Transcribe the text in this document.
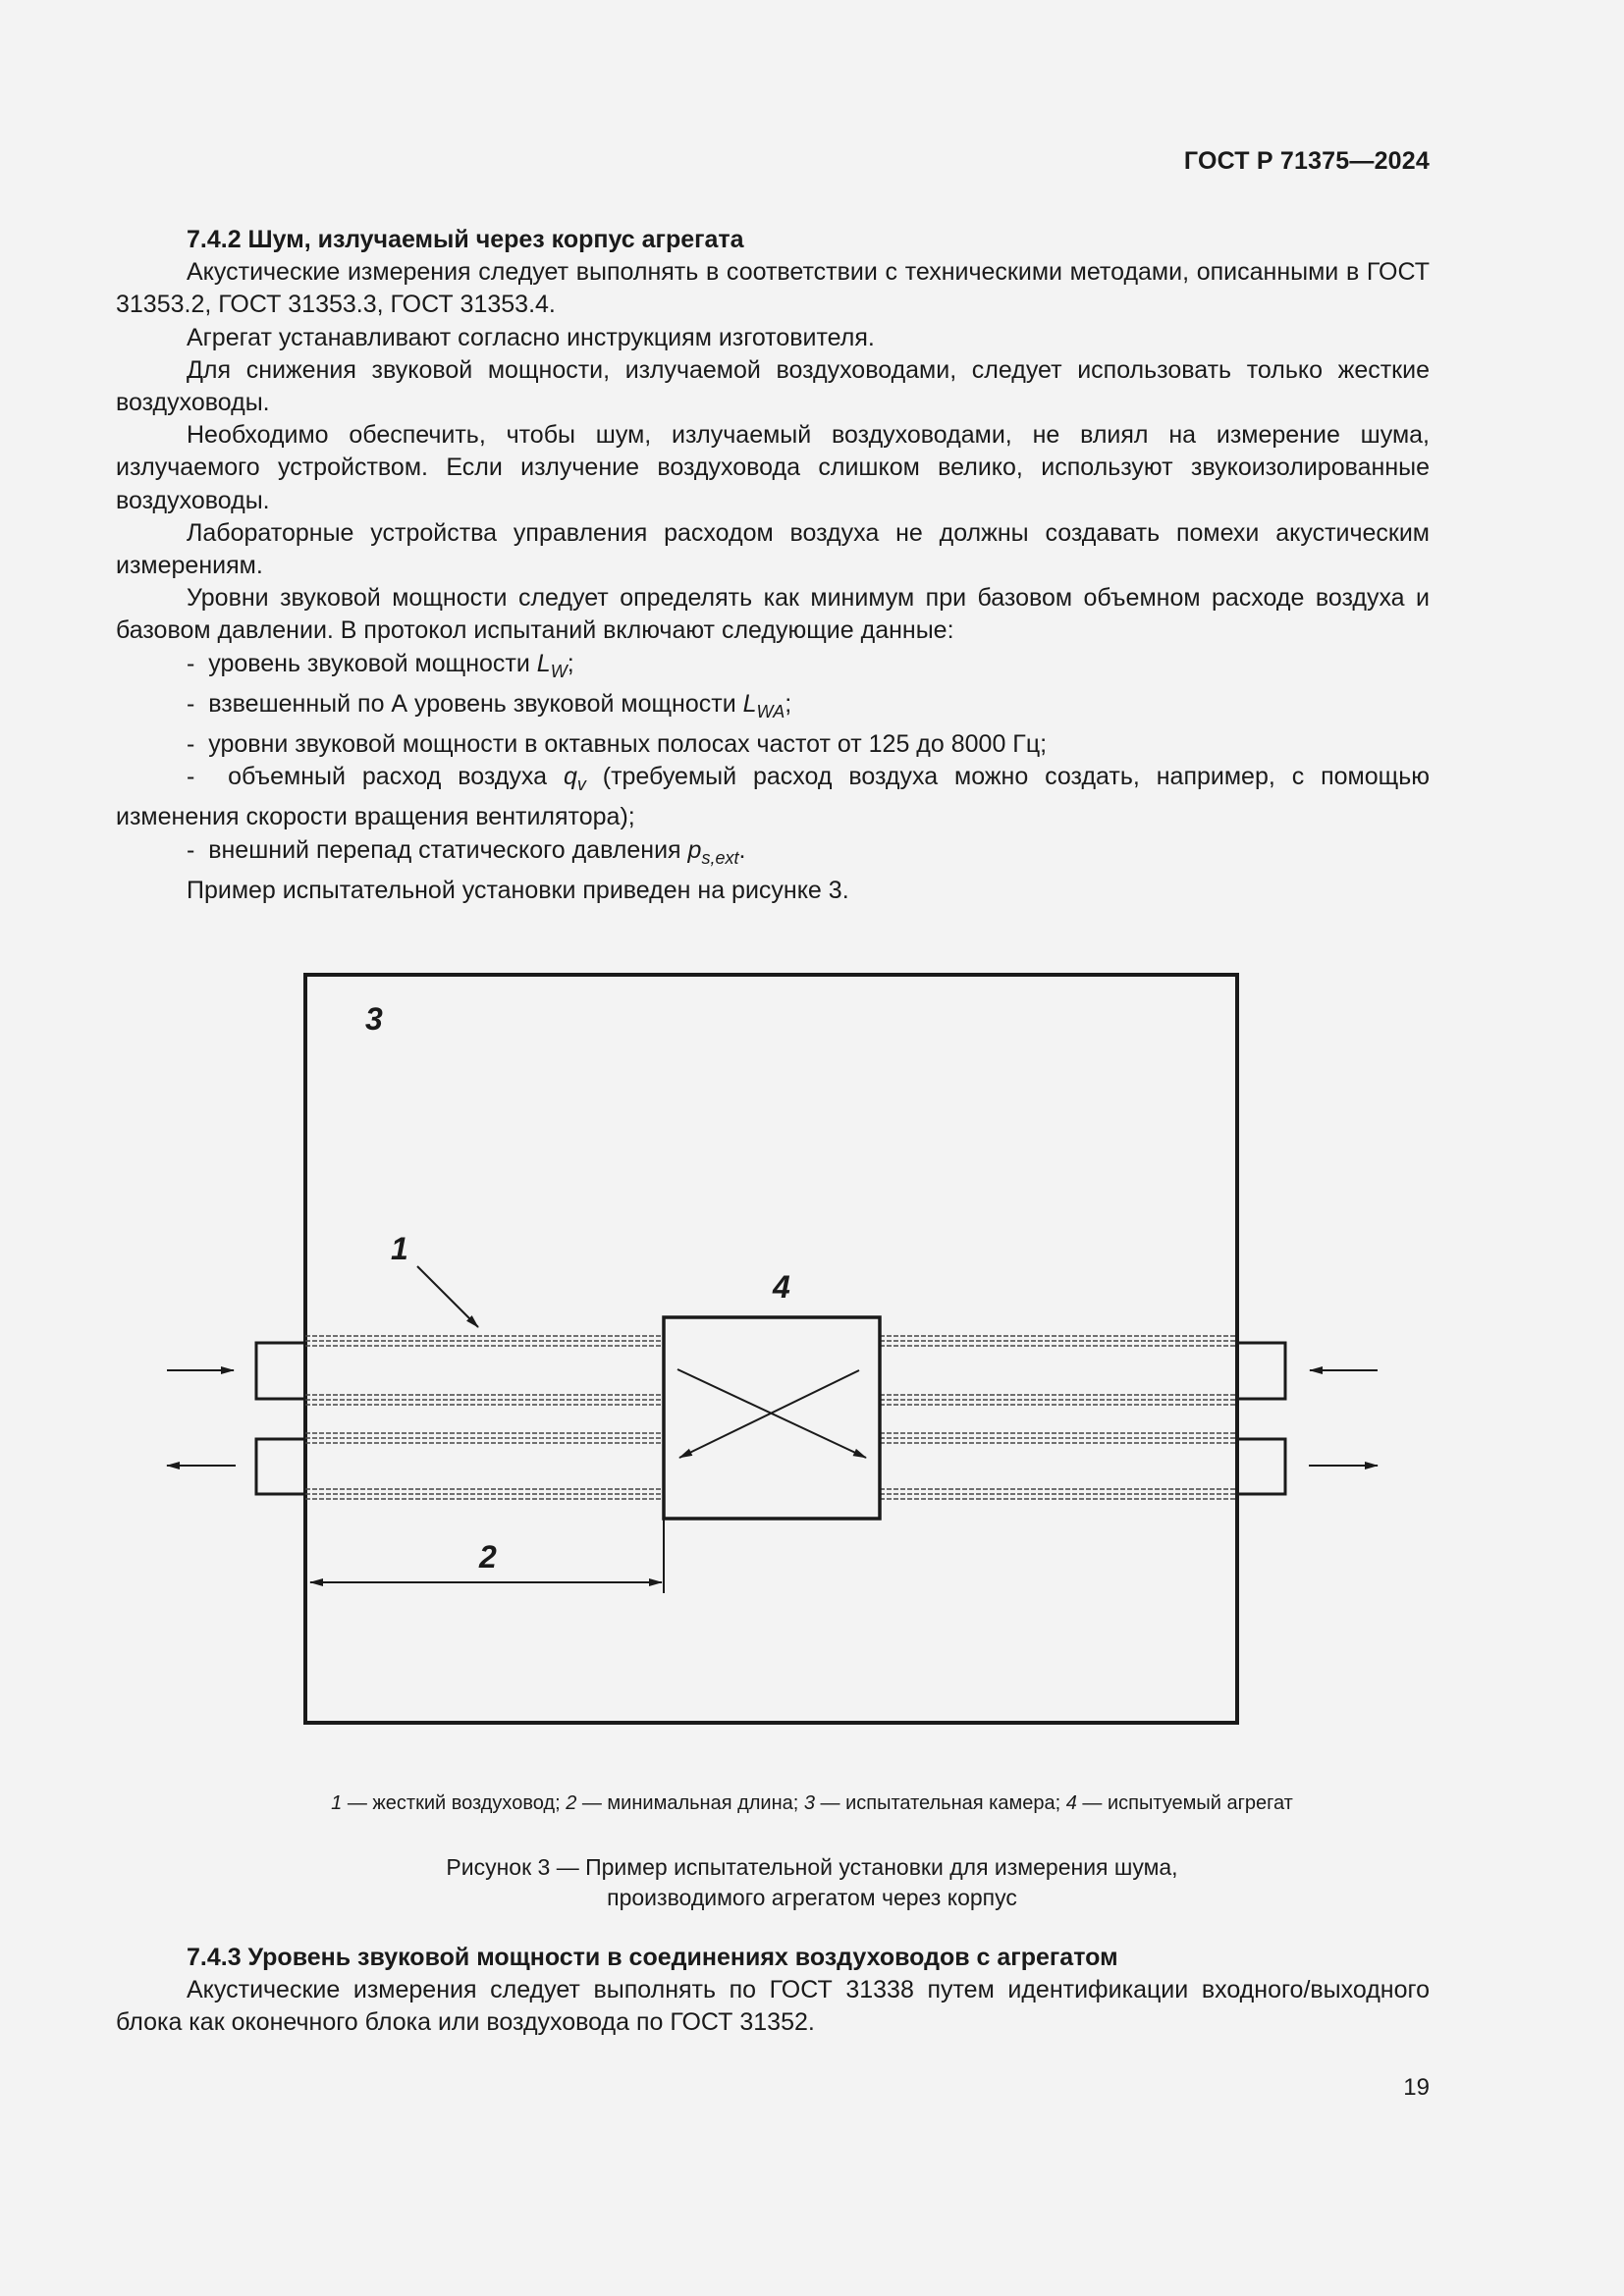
ГОСТ Р 71375—2024

7.4.2 Шум, излучаемый через корпус агрегата

Акустические измерения следует выполнять в соответствии с техническими методами, описанными в ГОСТ 31353.2, ГОСТ 31353.3, ГОСТ 31353.4.

Агрегат устанавливают согласно инструкциям изготовителя.

Для снижения звуковой мощности, излучаемой воздуховодами, следует использовать только жесткие воздуховоды.

Необходимо обеспечить, чтобы шум, излучаемый воздуховодами, не влиял на измерение шума, излучаемого устройством. Если излучение воздуховода слишком велико, используют звукоизолированные воздуховоды.

Лабораторные устройства управления расходом воздуха не должны создавать помехи акустическим измерениям.

Уровни звуковой мощности следует определять как минимум при базовом объемном расходе воздуха и базовом давлении. В протокол испытаний включают следующие данные:

-  уровень звуковой мощности $L_W$;

-  взвешенный по А уровень звуковой мощности $L_{WA}$;

-  уровни звуковой мощности в октавных полосах частот от 125 до 8000 Гц;

-  объемный расход воздуха $q_v$ (требуемый расход воздуха можно создать, например, с помощью изменения скорости вращения вентилятора);

-  внешний перепад статического давления $p_{s,ext}$.

Пример испытательной установки приведен на рисунке 3.

3
1
4
2
1 — жесткий воздуховод; 2 — минимальная длина; 3 — испытательная камера; 4 — испытуемый агрегат
Рисунок 3 — Пример испытательной установки для измерения шума,
производимого агрегатом через корпус

7.4.3 Уровень звуковой мощности в соединениях воздуховодов с агрегатом

Акустические измерения следует выполнять по ГОСТ 31338 путем идентификации входного/выходного блока как оконечного блока или воздуховода по ГОСТ 31352.

19
